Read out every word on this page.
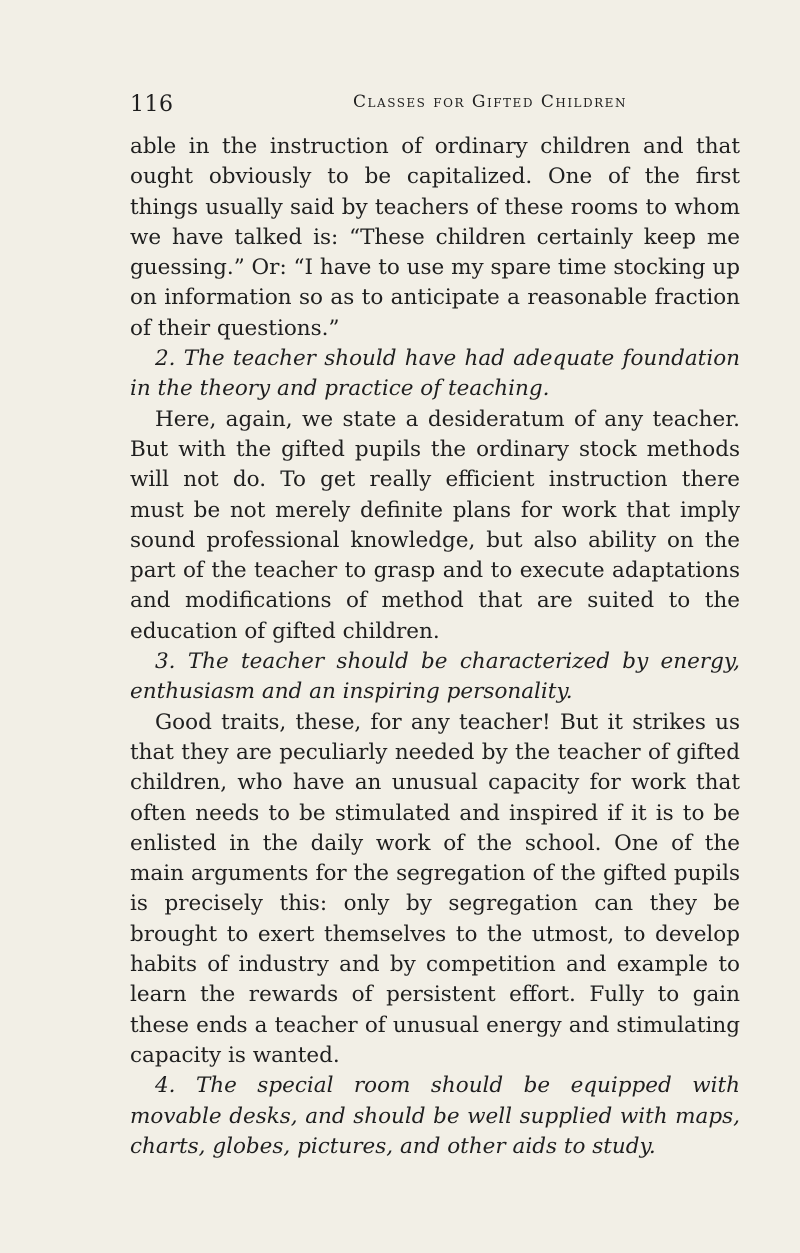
116	Classes for Gifted Children

able in the instruction of ordinary children and that ought obviously to be capitalized. One of the first things usually said by teachers of these rooms to whom we have talked is: “These children certainly keep me guessing.” Or: “I have to use my spare time stocking up on information so as to anticipate a reasonable fraction of their questions.”

2. The teacher should have had adequate foundation in the theory and practice of teaching.

Here, again, we state a desideratum of any teacher. But with the gifted pupils the ordinary stock methods will not do. To get really efficient instruction there must be not merely definite plans for work that imply sound professional knowledge, but also ability on the part of the teacher to grasp and to execute adaptations and modifications of method that are suited to the education of gifted children.

3. The teacher should be characterized by energy, enthusiasm and an inspiring personality.

Good traits, these, for any teacher! But it strikes us that they are peculiarly needed by the teacher of gifted children, who have an unusual capacity for work that often needs to be stimulated and inspired if it is to be enlisted in the daily work of the school. One of the main arguments for the segregation of the gifted pupils is precisely this: only by segregation can they be brought to exert themselves to the utmost, to develop habits of industry and by competition and example to learn the rewards of persistent effort. Fully to gain these ends a teacher of unusual energy and stimulating capacity is wanted.

4. The special room should be equipped with movable desks, and should be well supplied with maps, charts, globes, pictures, and other aids to study.
